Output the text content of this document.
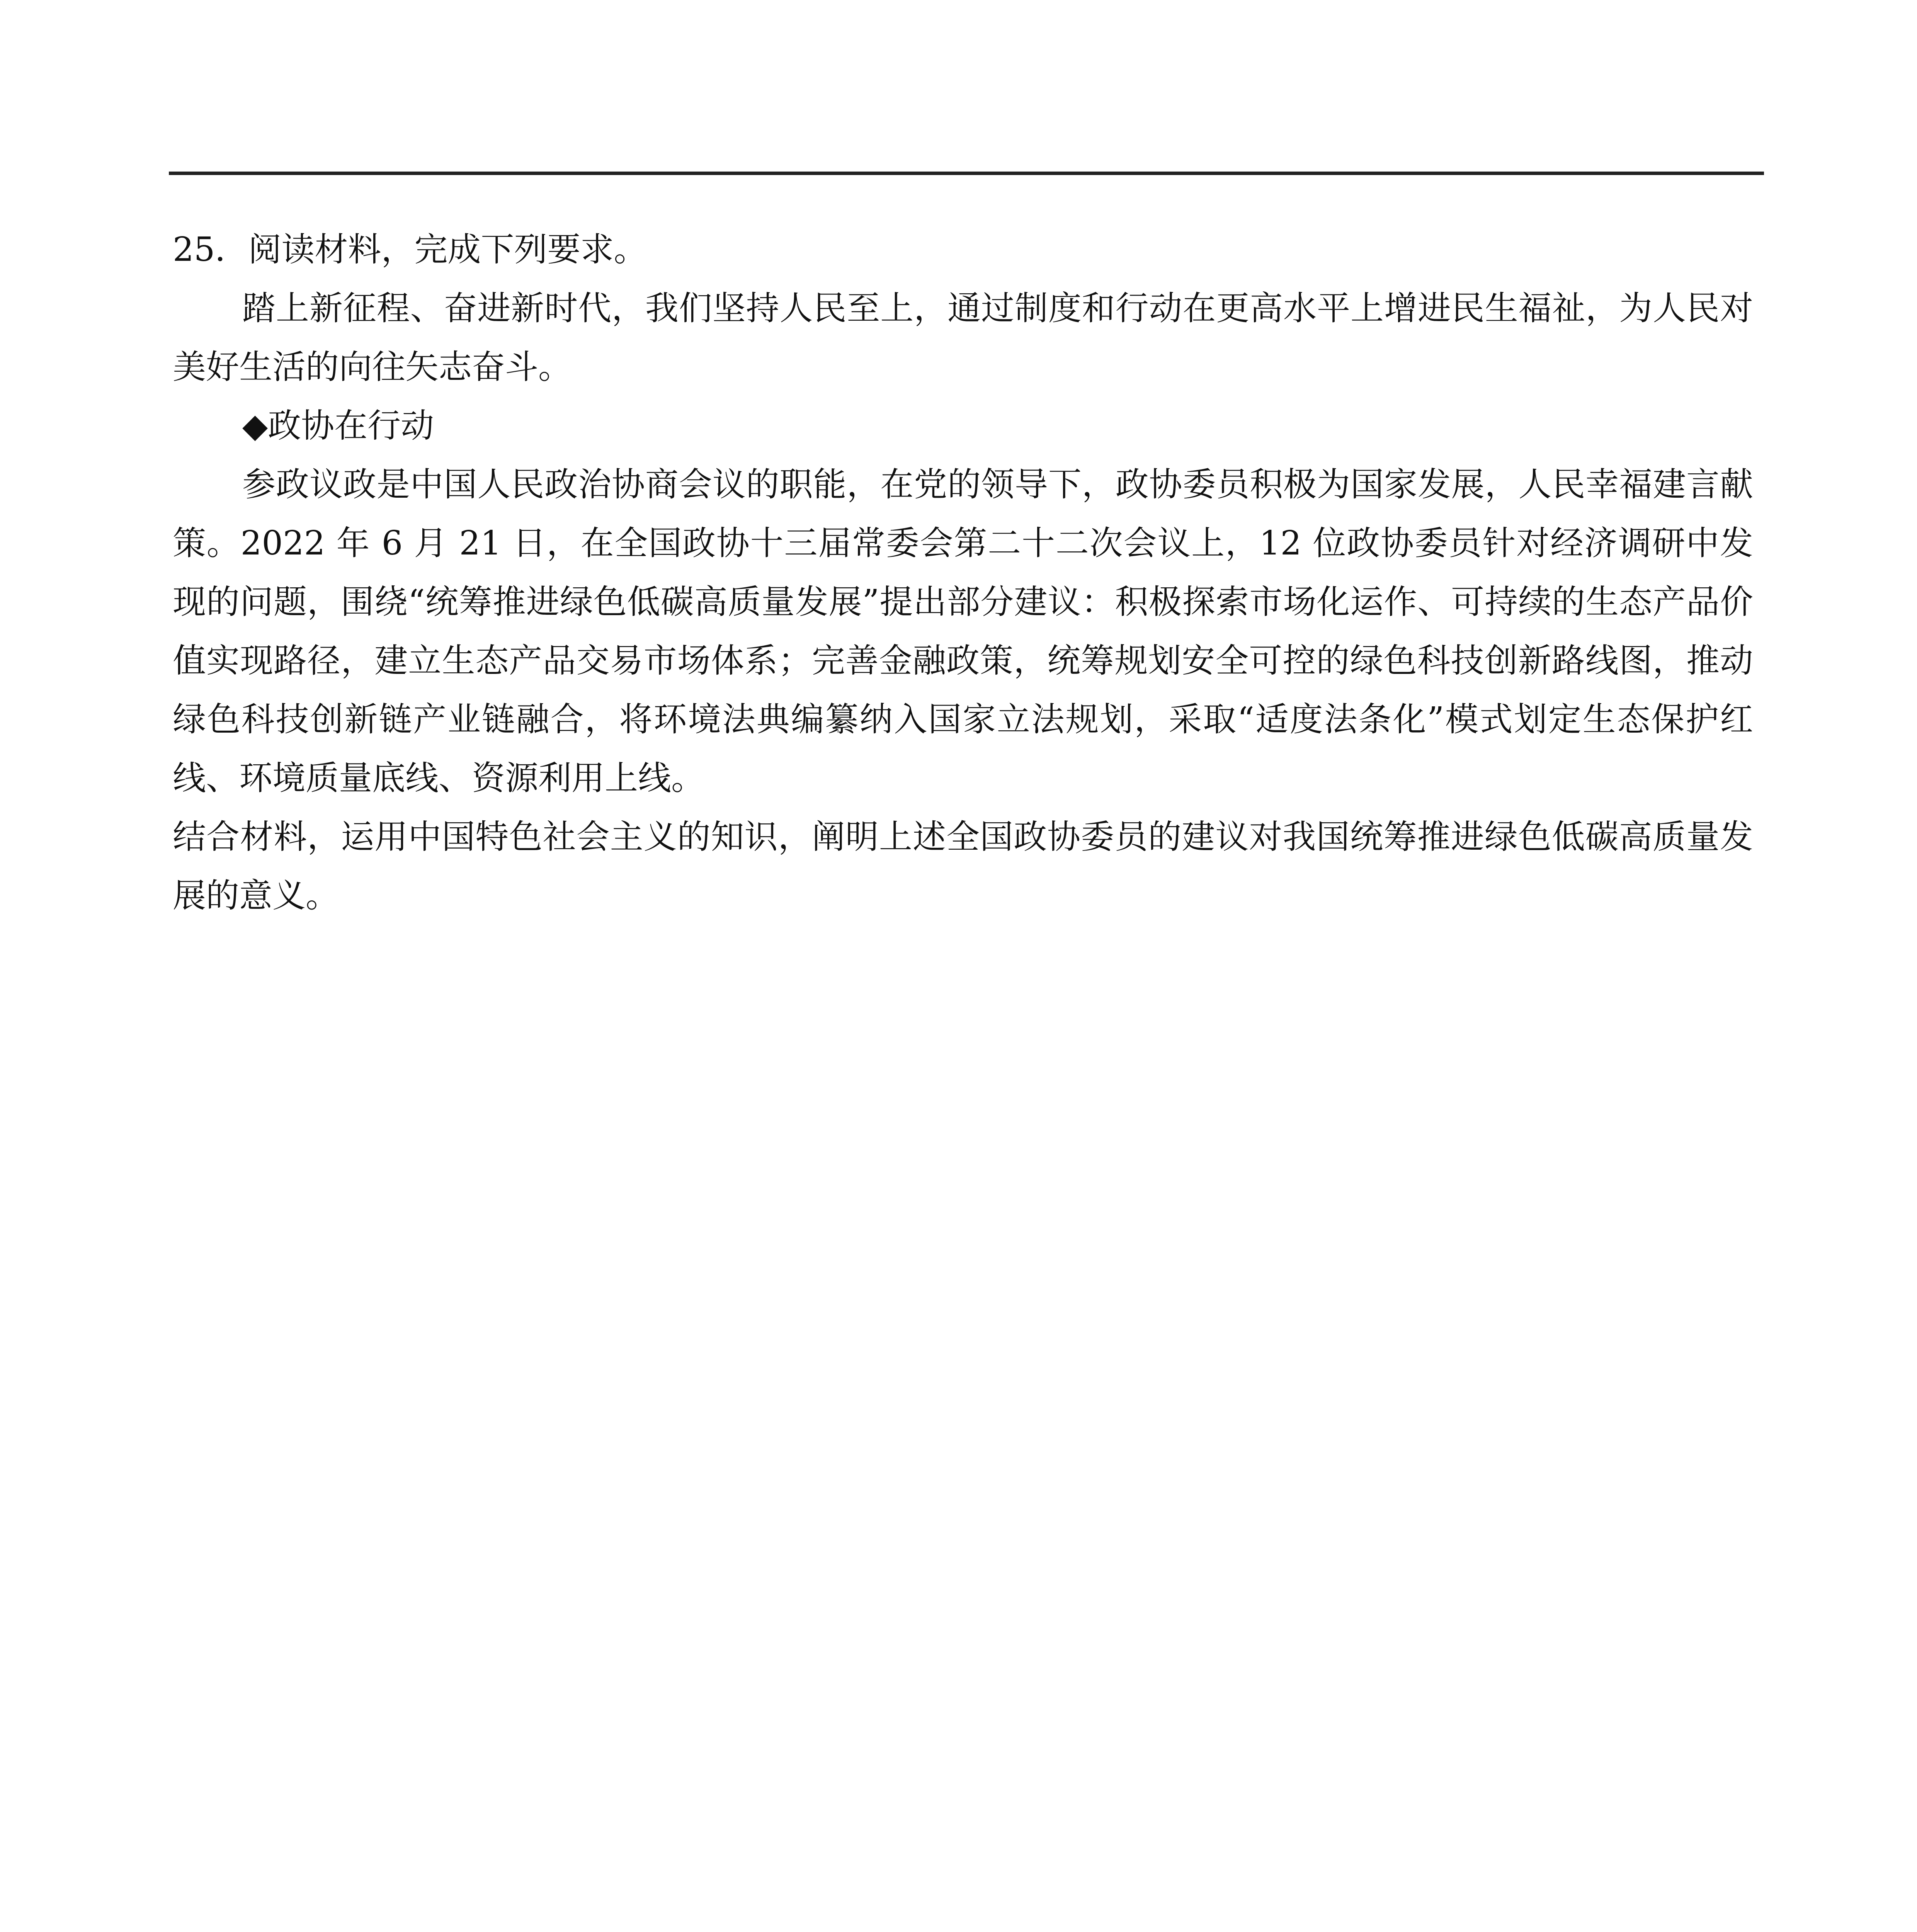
25．阅读材料，完成下列要求。

踏上新征程、奋进新时代，我们坚持人民至上，通过制度和行动在更高水平上增进民生福祉，为人民对美好生活的向往矢志奋斗。

◆政协在行动

参政议政是中国人民政治协商会议的职能，在党的领导下，政协委员积极为国家发展，人民幸福建言献策。2022 年 6 月 21 日，在全国政协十三届常委会第二十二次会议上，12 位政协委员针对经济调研中发现的问题，围绕“统筹推进绿色低碳高质量发展”提出部分建议：积极探索市场化运作、可持续的生态产品价值实现路径，建立生态产品交易市场体系；完善金融政策，统筹规划安全可控的绿色科技创新路线图，推动绿色科技创新链产业链融合，将环境法典编纂纳入国家立法规划，采取“适度法条化”模式划定生态保护红线、环境质量底线、资源利用上线。

结合材料，运用中国特色社会主义的知识，阐明上述全国政协委员的建议对我国统筹推进绿色低碳高质量发展的意义。
